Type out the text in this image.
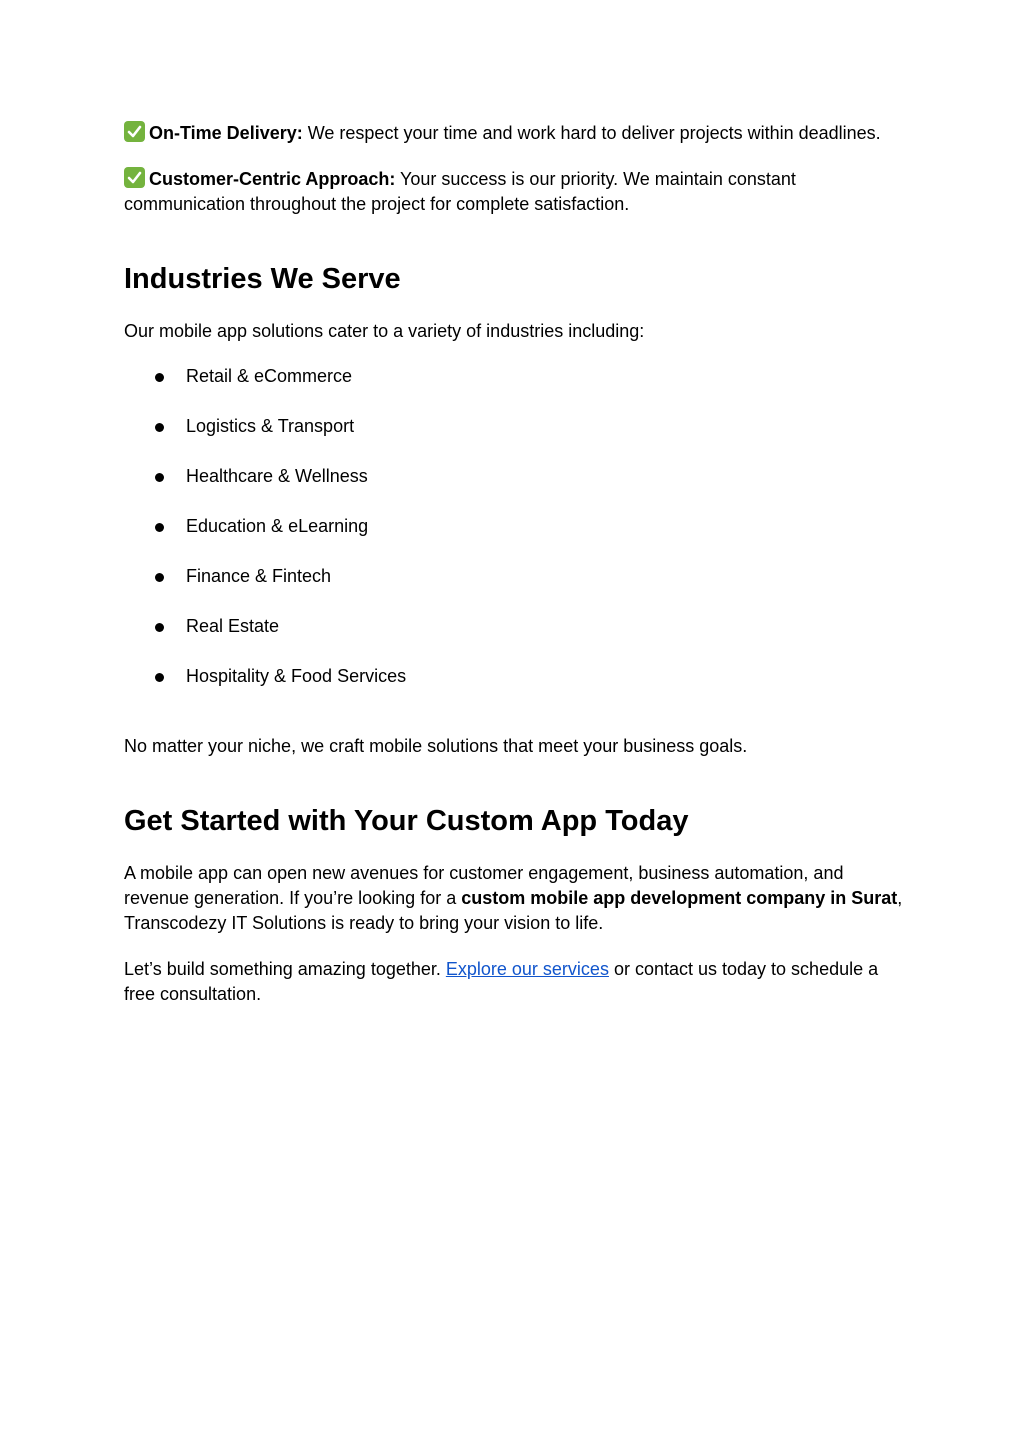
On-Time Delivery: We respect your time and work hard to deliver projects within deadlines.

Customer-Centric Approach: Your success is our priority. We maintain constant communication throughout the project for complete satisfaction.

Industries We Serve

Our mobile app solutions cater to a variety of industries including:

Retail & eCommerce
Logistics & Transport
Healthcare & Wellness
Education & eLearning
Finance & Fintech
Real Estate
Hospitality & Food Services

No matter your niche, we craft mobile solutions that meet your business goals.

Get Started with Your Custom App Today

A mobile app can open new avenues for customer engagement, business automation, and revenue generation. If you’re looking for a custom mobile app development company in Surat, Transcodezy IT Solutions is ready to bring your vision to life.

Let’s build something amazing together. Explore our services or contact us today to schedule a free consultation.
